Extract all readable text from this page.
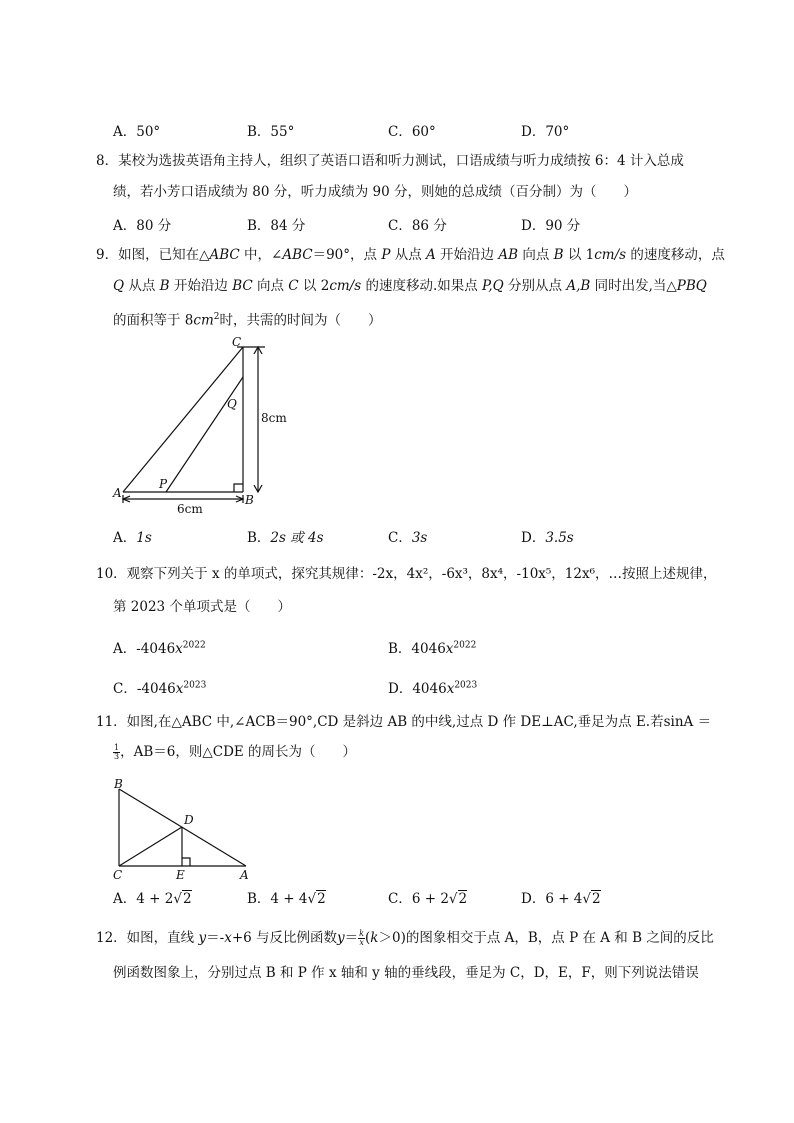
A．50°	B．55°	C．60°	D．70°
8．某校为选拔英语角主持人，组织了英语口语和听力测试，口语成绩与听力成绩按 6：4 计入总成
绩，若小芳口语成绩为 80 分，听力成绩为 90 分，则她的总成绩（百分制）为（　　）
A．80 分	B．84 分	C．86 分	D．90 分
9．如图，已知在△ABC 中，∠ABC＝90°，点 P 从点 A 开始沿边 AB 向点 B 以 1cm/s 的速度移动，点
Q 从点 B 开始沿边 BC 向点 C 以 2cm/s 的速度移动.如果点 P,Q 分别从点 A,B 同时出发,当△PBQ
的面积等于 $8cm^2$时，共需的时间为（　　）
C
Q
A
P
B
8cm
6cm
A．1s	B．2s 或 4s	C．3s	D．3.5s
10．观察下列关于 x 的单项式，探究其规律：-2x，4x²，-6x³，8x⁴，-10x⁵，12x⁶，…按照上述规律，
第 2023 个单项式是（　　）
A．$-4046x^{2022}$	B．$4046x^{2022}$
C．$-4046x^{2023}$	D．$4046x^{2023}$
11．如图,在△ABC 中,∠ACB＝90°,CD 是斜边 AB 的中线,过点 D 作 DE⊥AC,垂足为点 E.若sinA ＝
$\frac{1}{3}$ ，AB＝6，则△CDE 的周长为（　　）
B
D
C	E	A
A．4 + 2√2	B．4 + 4√2	C．6 + 2√2	D．6 + 4√2
12．如图，直线 y＝-x+6 与反比例函数$y= \frac{k}{x} (k>0)$的图象相交于点 A，B，点 P 在 A 和 B 之间的反比
例函数图象上，分别过点 B 和 P 作 x 轴和 y 轴的垂线段，垂足为 C，D，E，F，则下列说法错误
